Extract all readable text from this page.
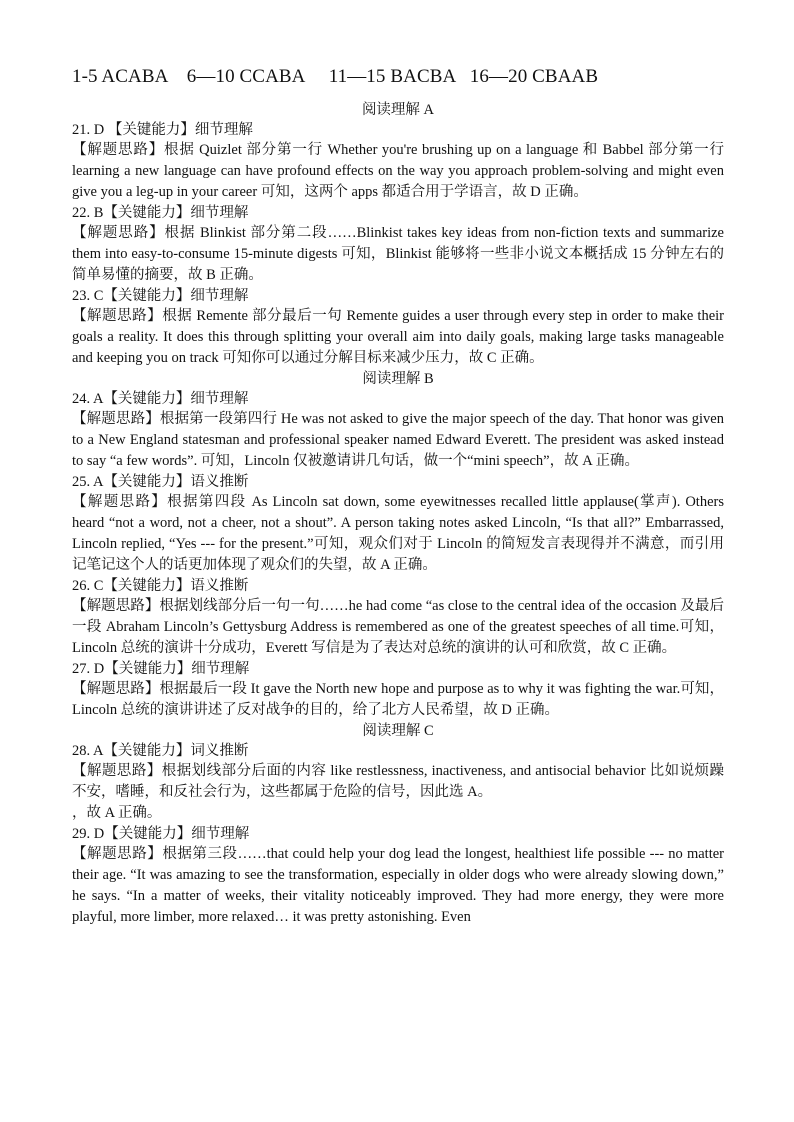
1-5 ACABA    6—10 CCABA     11—15 BACBA   16—20 CBAAB

阅读理解 A

21. D 【关键能力】细节理解

【解题思路】根据 Quizlet 部分第一行 Whether you're brushing up on a language 和 Babbel 部分第一行 learning a new language can have profound effects on the way you approach problem-solving and might even give you a leg-up in your career 可知，这两个 apps 都适合用于学语言，故 D 正确。

22. B【关键能力】细节理解

【解题思路】根据 Blinkist 部分第二段……Blinkist takes key ideas from non-fiction texts and summarize them into easy-to-consume 15-minute digests 可知，Blinkist 能够将一些非小说文本概括成 15 分钟左右的简单易懂的摘要，故 B 正确。

23. C【关键能力】细节理解

【解题思路】根据 Remente 部分最后一句 Remente guides a user through every step in order to make their goals a reality. It does this through splitting your overall aim into daily goals, making large tasks manageable and keeping you on track 可知你可以通过分解目标来减少压力，故 C 正确。

阅读理解 B

24. A【关键能力】细节理解

【解题思路】根据第一段第四行 He was not asked to give the major speech of the day. That honor was given to a New England statesman and professional speaker named Edward Everett. The president was asked instead to say “a few words”. 可知，Lincoln 仅被邀请讲几句话，做一个“mini speech”，故 A 正确。

25. A【关键能力】语义推断

【解题思路】根据第四段 As Lincoln sat down, some eyewitnesses recalled little applause(掌声). Others heard “not a word, not a cheer, not a shout”. A person taking notes asked Lincoln, “Is that all?” Embarrassed, Lincoln replied, “Yes --- for the present.”可知，观众们对于 Lincoln 的简短发言表现得并不满意，而引用记笔记这个人的话更加体现了观众们的失望，故 A 正确。

26. C【关键能力】语义推断

【解题思路】根据划线部分后一句一句……he had come “as close to the central idea of the occasion 及最后一段 Abraham Lincoln’s Gettysburg Address is remembered as one of the greatest speeches of all time.可知，Lincoln 总统的演讲十分成功，Everett 写信是为了表达对总统的演讲的认可和欣赏，故 C 正确。

27. D【关键能力】细节理解

【解题思路】根据最后一段 It gave the North new hope and purpose as to why it was fighting the war.可知，Lincoln 总统的演讲讲述了反对战争的目的，给了北方人民希望，故 D 正确。

阅读理解 C

28. A【关键能力】词义推断

【解题思路】根据划线部分后面的内容 like restlessness, inactiveness, and antisocial behavior 比如说烦躁不安，嗜睡，和反社会行为，这些都属于危险的信号，因此选 A。

，故 A 正确。

29. D【关键能力】细节理解

【解题思路】根据第三段……that could help your dog lead the longest, healthiest life possible --- no matter their age. “It was amazing to see the transformation, especially in older dogs who were already slowing down,” he says. “In a matter of weeks, their vitality noticeably improved. They had more energy, they were more playful, more limber, more relaxed… it was pretty astonishing. Even
